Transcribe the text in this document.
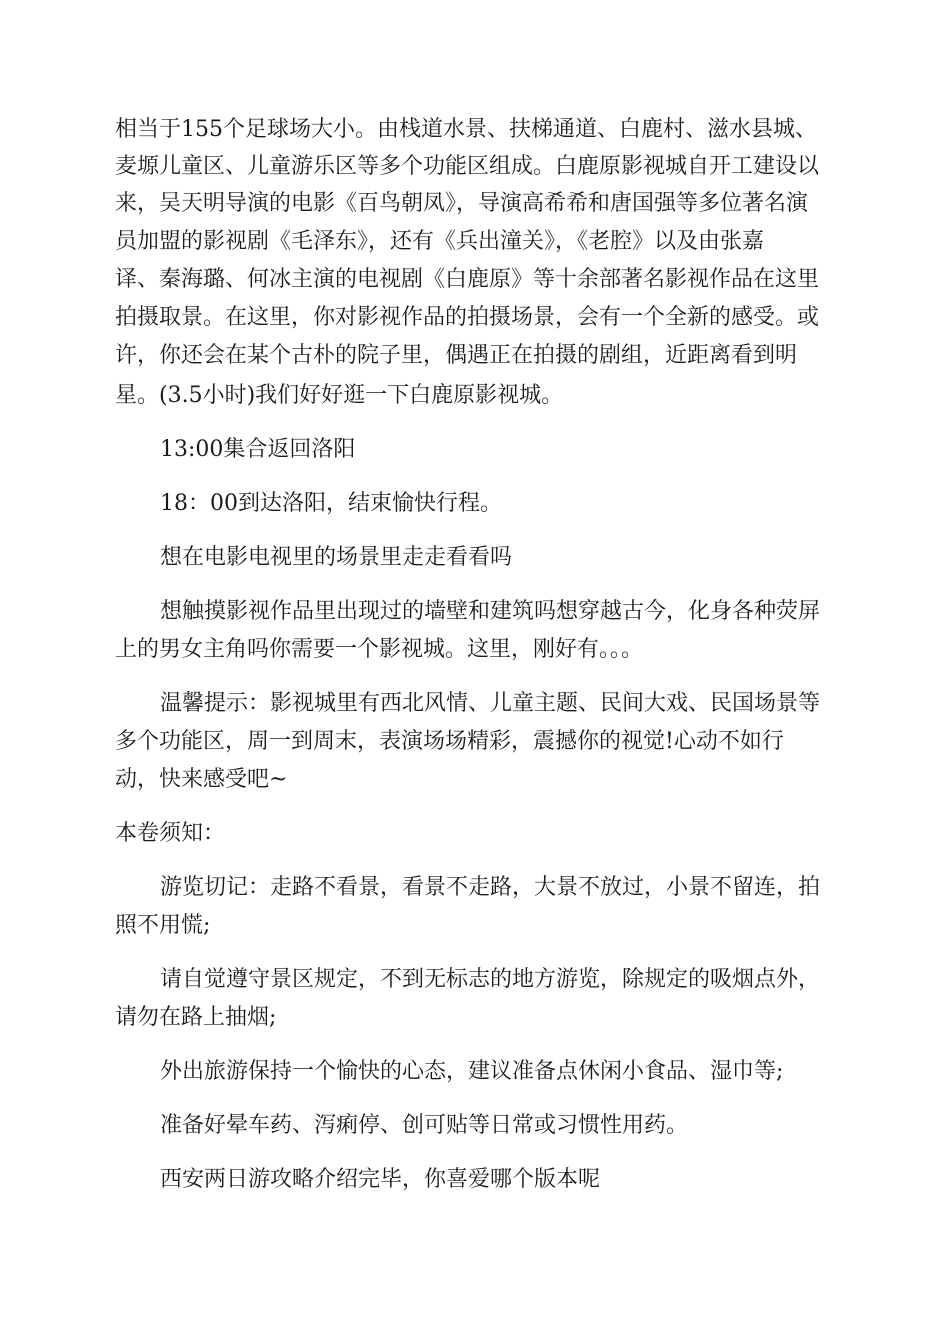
相当于155个足球场大小。由栈道水景、扶梯通道、白鹿村、滋水县城、
麦塬儿童区、儿童游乐区等多个功能区组成。白鹿原影视城自开工建设以
来，吴天明导演的电影《百鸟朝凤》，导演高希希和唐国强等多位著名演
员加盟的影视剧《毛泽东》，还有《兵出潼关》，《老腔》以及由张嘉
译、秦海璐、何冰主演的电视剧《白鹿原》等十余部著名影视作品在这里
拍摄取景。在这里，你对影视作品的拍摄场景，会有一个全新的感受。或
许，你还会在某个古朴的院子里，偶遇正在拍摄的剧组，近距离看到明
星。(3.5小时)我们好好逛一下白鹿原影视城。
13:00集合返回洛阳
18：00到达洛阳，结束愉快行程。
想在电影电视里的场景里走走看看吗
想触摸影视作品里出现过的墙壁和建筑吗想穿越古今，化身各种荧屏
上的男女主角吗你需要一个影视城。这里，刚好有。。。
温馨提示：影视城里有西北风情、儿童主题、民间大戏、民国场景等
多个功能区，周一到周末，表演场场精彩，震撼你的视觉!心动不如行
动，快来感受吧~
本卷须知：
游览切记：走路不看景，看景不走路，大景不放过，小景不留连，拍
照不用慌;
请自觉遵守景区规定，不到无标志的地方游览，除规定的吸烟点外，
请勿在路上抽烟;
外出旅游保持一个愉快的心态，建议准备点休闲小食品、湿巾等;
准备好晕车药、泻痢停、创可贴等日常或习惯性用药。
西安两日游攻略介绍完毕，你喜爱哪个版本呢
